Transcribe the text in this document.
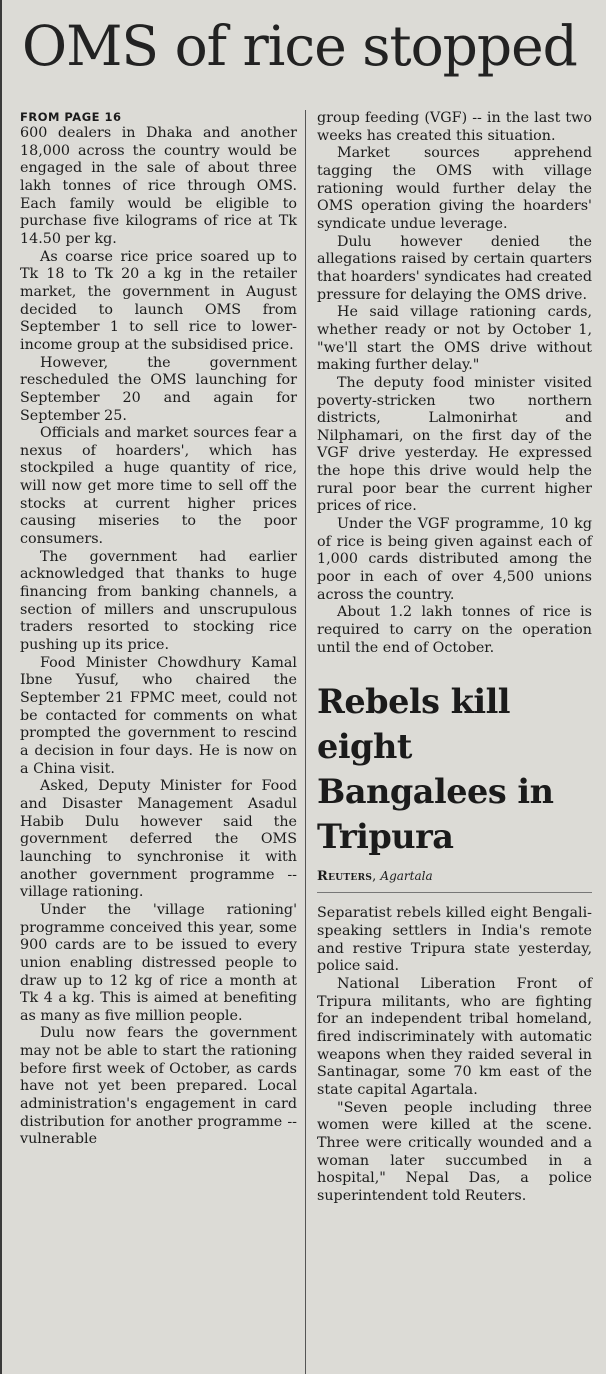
OMS of rice stopped
FROM PAGE 16

600 dealers in Dhaka and another 18,000 across the country would be engaged in the sale of about three lakh tonnes of rice through OMS. Each family would be eligible to purchase five kilograms of rice at Tk 14.50 per kg.

As coarse rice price soared up to Tk 18 to Tk 20 a kg in the retailer market, the government in August decided to launch OMS from September 1 to sell rice to lower-income group at the subsidised price.

However, the government rescheduled the OMS launching for September 20 and again for September 25.

Officials and market sources fear a nexus of hoarders', which has stockpiled a huge quantity of rice, will now get more time to sell off the stocks at current higher prices causing miseries to the poor consumers.

The government had earlier acknowledged that thanks to huge financing from banking channels, a section of millers and unscrupulous traders resorted to stocking rice pushing up its price.

Food Minister Chowdhury Kamal Ibne Yusuf, who chaired the September 21 FPMC meet, could not be contacted for comments on what prompted the government to rescind a decision in four days. He is now on a China visit.

Asked, Deputy Minister for Food and Disaster Management Asadul Habib Dulu however said the government deferred the OMS launching to synchronise it with another government programme -- village rationing.

Under the 'village rationing' programme conceived this year, some 900 cards are to be issued to every union enabling distressed people to draw up to 12 kg of rice a month at Tk 4 a kg. This is aimed at benefiting as many as five million people.

Dulu now fears the government may not be able to start the rationing before first week of October, as cards have not yet been prepared. Local administration's engagement in card distribution for another programme -- vulnerable

group feeding (VGF) -- in the last two weeks has created this situation.

Market sources apprehend tagging the OMS with village rationing would further delay the OMS operation giving the hoarders' syndicate undue leverage.

Dulu however denied the allegations raised by certain quarters that hoarders' syndicates had created pressure for delaying the OMS drive.

He said village rationing cards, whether ready or not by October 1, "we'll start the OMS drive without making further delay."

The deputy food minister visited poverty-stricken two northern districts, Lalmonirhat and Nilphamari, on the first day of the VGF drive yesterday. He expressed the hope this drive would help the rural poor bear the current higher prices of rice.

Under the VGF programme, 10 kg of rice is being given against each of 1,000 cards distributed among the poor in each of over 4,500 unions across the country.

About 1.2 lakh tonnes of rice is required to carry on the operation until the end of October.

Rebels kill eight Bangalees in Tripura
Reuters, Agartala

Separatist rebels killed eight Bengali-speaking settlers in India's remote and restive Tripura state yesterday, police said.

National Liberation Front of Tripura militants, who are fighting for an independent tribal homeland, fired indiscriminately with automatic weapons when they raided several in Santinagar, some 70 km east of the state capital Agartala.

"Seven people including three women were killed at the scene. Three were critically wounded and a woman later succumbed in a hospital," Nepal Das, a police superintendent told Reuters.
